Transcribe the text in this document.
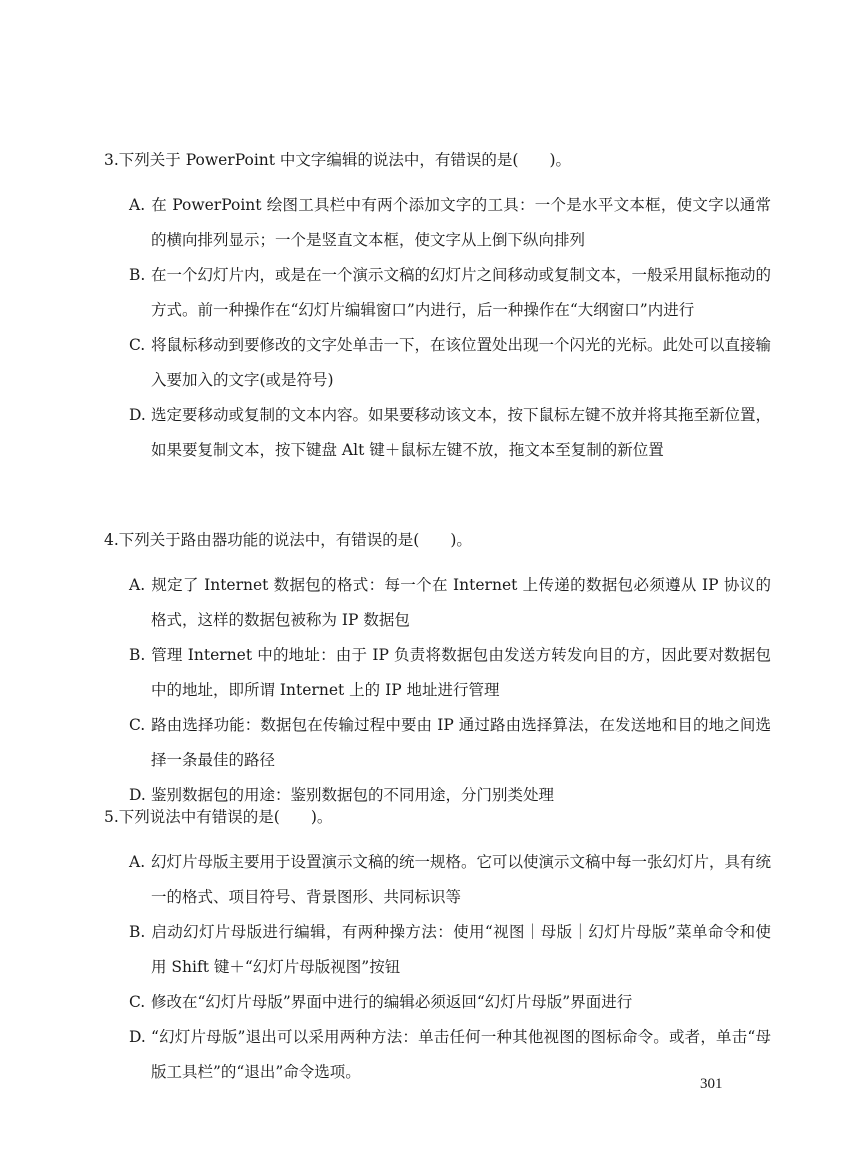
3.下列关于 PowerPoint 中文字编辑的说法中，有错误的是(　　)。
A. 在 PowerPoint 绘图工具栏中有两个添加文字的工具：一个是水平文本框，使文字以通常的横向排列显示；一个是竖直文本框，使文字从上倒下纵向排列
B. 在一个幻灯片内，或是在一个演示文稿的幻灯片之间移动或复制文本，一般采用鼠标拖动的方式。前一种操作在“幻灯片编辑窗口”内进行，后一种操作在“大纲窗口”内进行
C. 将鼠标移动到要修改的文字处单击一下，在该位置处出现一个闪光的光标。此处可以直接输入要加入的文字(或是符号)
D. 选定要移动或复制的文本内容。如果要移动该文本，按下鼠标左键不放并将其拖至新位置，如果要复制文本，按下键盘 Alt 键＋鼠标左键不放，拖文本至复制的新位置
4.下列关于路由器功能的说法中，有错误的是(　　)。
A. 规定了 Internet 数据包的格式：每一个在 Internet 上传递的数据包必须遵从 IP 协议的格式，这样的数据包被称为 IP 数据包
B. 管理 Internet 中的地址：由于 IP 负责将数据包由发送方转发向目的方，因此要对数据包中的地址，即所谓 Internet 上的 IP 地址进行管理
C. 路由选择功能：数据包在传输过程中要由 IP 通过路由选择算法，在发送地和目的地之间选择一条最佳的路径
D. 鉴别数据包的用途：鉴别数据包的不同用途，分门别类处理
5.下列说法中有错误的是(　　)。
A. 幻灯片母版主要用于设置演示文稿的统一规格。它可以使演示文稿中每一张幻灯片，具有统一的格式、项目符号、背景图形、共同标识等
B. 启动幻灯片母版进行编辑，有两种操方法：使用“视图｜母版｜幻灯片母版”菜单命令和使用 Shift 键＋“幻灯片母版视图”按钮
C. 修改在“幻灯片母版”界面中进行的编辑必须返回“幻灯片母版”界面进行
D. “幻灯片母版”退出可以采用两种方法：单击任何一种其他视图的图标命令。或者，单击“母版工具栏”的“退出”命令选项。
301
